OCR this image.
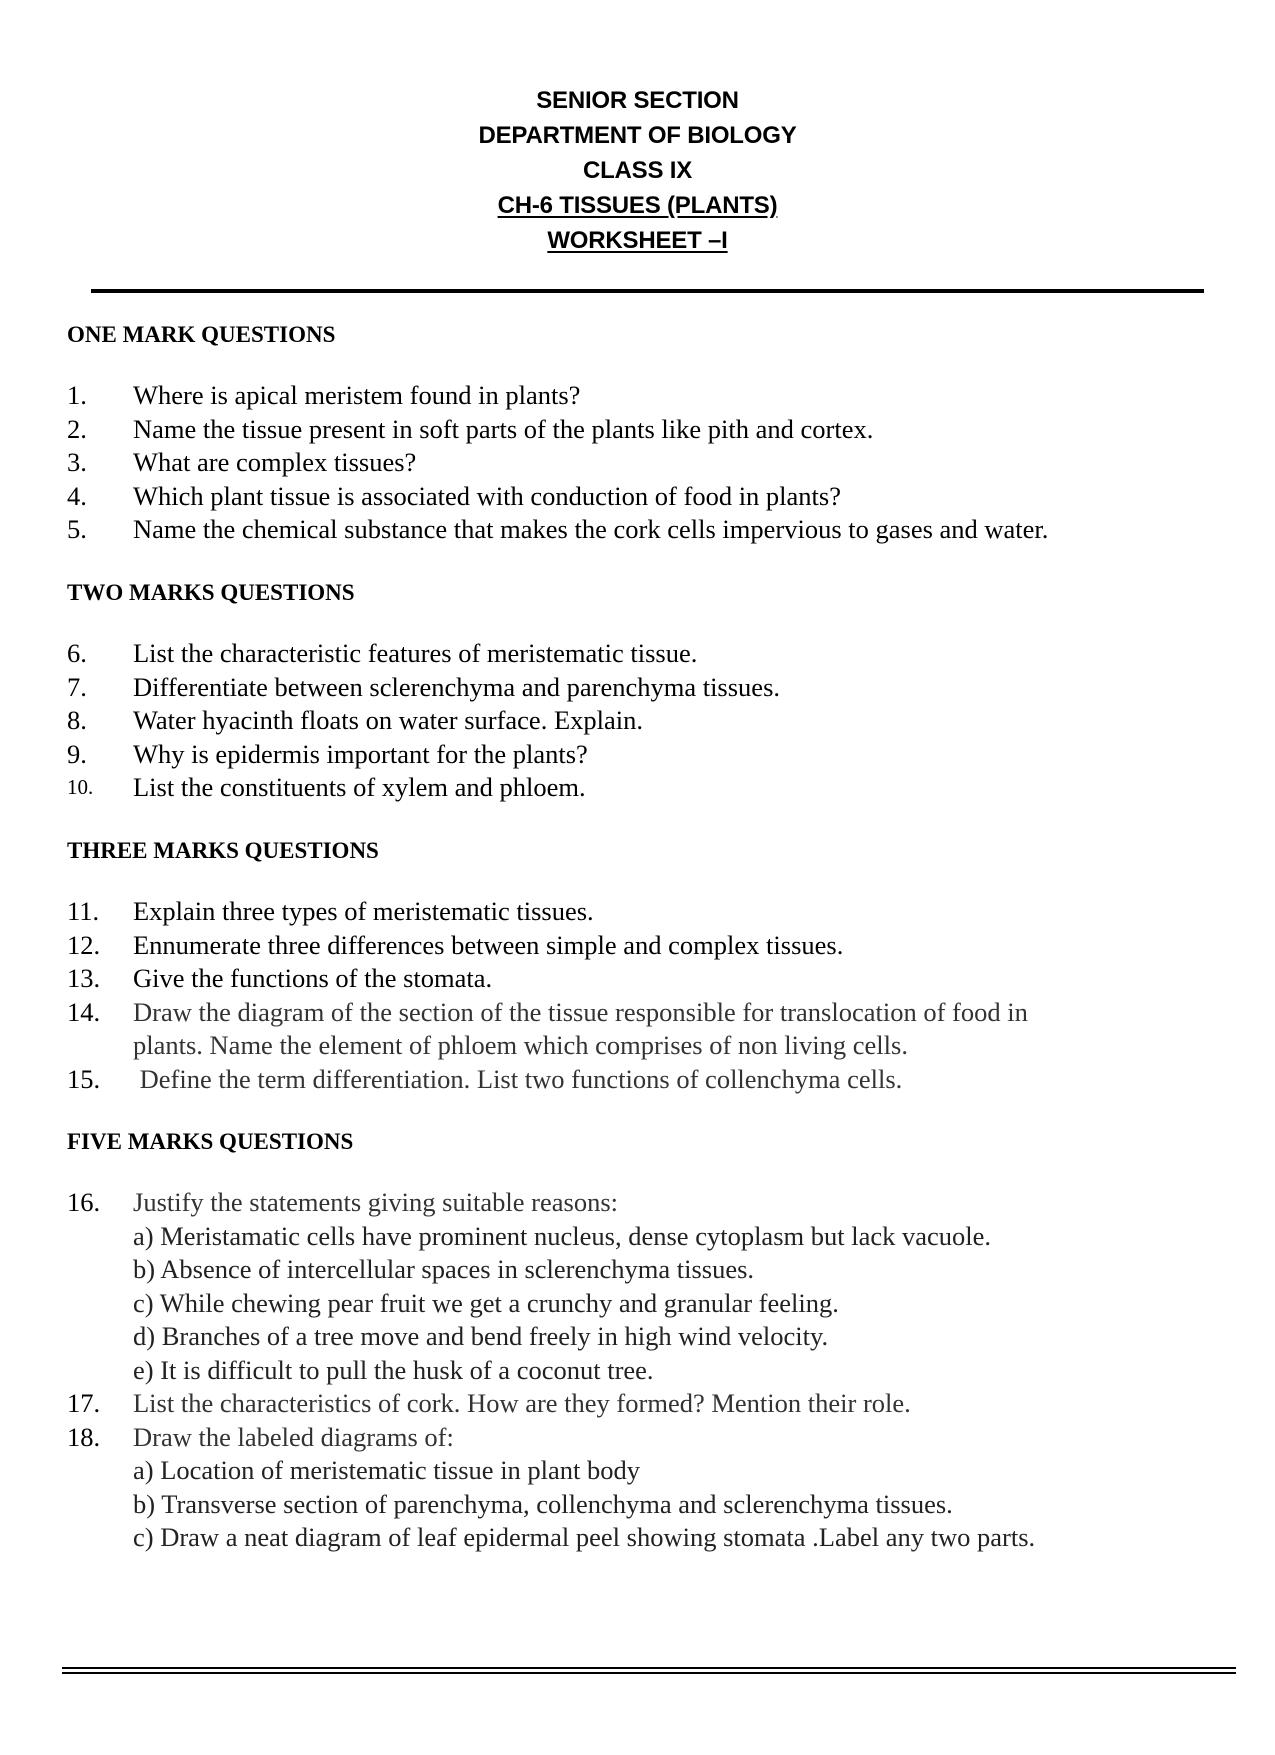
SENIOR SECTION
DEPARTMENT OF BIOLOGY
CLASS IX
CH-6 TISSUES (PLANTS)
WORKSHEET –I
ONE MARK QUESTIONS
1. Where is apical meristem found in plants?
2. Name the tissue present in soft parts of the plants like pith and cortex.
3. What are complex tissues?
4. Which plant tissue is associated with conduction of food in plants?
5. Name the chemical substance that makes the cork cells impervious to gases and water.
TWO MARKS QUESTIONS
6. List the characteristic features of meristematic tissue.
7. Differentiate between sclerenchyma and parenchyma tissues.
8. Water hyacinth floats on water surface. Explain.
9. Why is epidermis important for the plants?
10. List the constituents of xylem and phloem.
THREE MARKS QUESTIONS
11. Explain three types of meristematic tissues.
12. Ennumerate three differences between simple and complex tissues.
13. Give the functions of the stomata.
14. Draw the diagram of the section of the tissue responsible for translocation of food in
plants. Name the element of phloem which comprises of non living cells.
15. Define the term differentiation. List two functions of collenchyma cells.
FIVE MARKS QUESTIONS
16. Justify the statements giving suitable reasons:
a) Meristamatic cells have prominent nucleus, dense cytoplasm but lack vacuole.
b) Absence of intercellular spaces in sclerenchyma tissues.
c) While chewing pear fruit we get a crunchy and granular feeling.
d) Branches of a tree move and bend freely in high wind velocity.
e) It is difficult to pull the husk of a coconut tree.
17. List the characteristics of cork. How are they formed? Mention their role.
18. Draw the labeled diagrams of:
a) Location of meristematic tissue in plant body
b) Transverse section of parenchyma, collenchyma and sclerenchyma tissues.
c) Draw a neat diagram of leaf epidermal peel showing stomata .Label any two parts.
